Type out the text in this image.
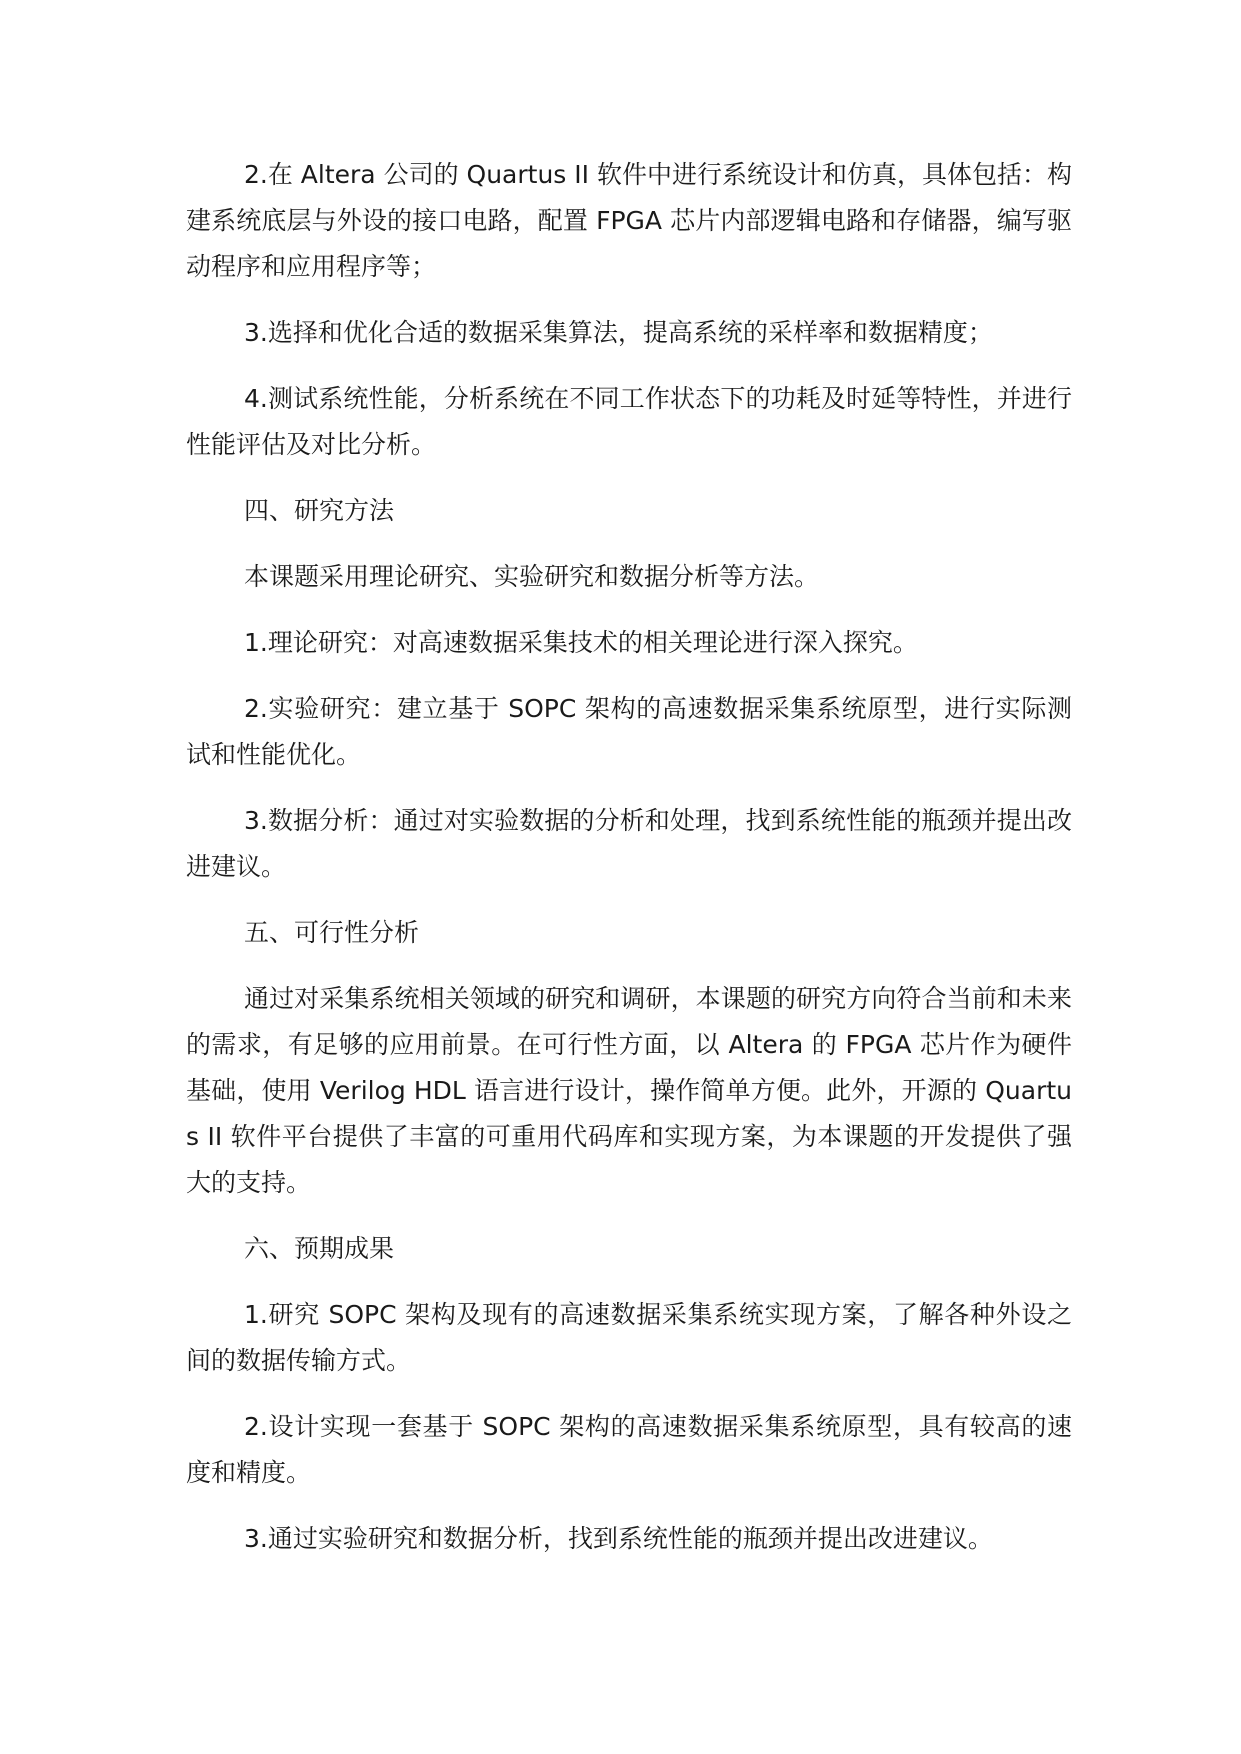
2.在 Altera 公司的 Quartus II 软件中进行系统设计和仿真，具体包括：构建系统底层与外设的接口电路，配置 FPGA 芯片内部逻辑电路和存储器，编写驱动程序和应用程序等；

3.选择和优化合适的数据采集算法，提高系统的采样率和数据精度；

4.测试系统性能，分析系统在不同工作状态下的功耗及时延等特性，并进行性能评估及对比分析。

四、研究方法

本课题采用理论研究、实验研究和数据分析等方法。

1.理论研究：对高速数据采集技术的相关理论进行深入探究。

2.实验研究：建立基于 SOPC 架构的高速数据采集系统原型，进行实际测试和性能优化。

3.数据分析：通过对实验数据的分析和处理，找到系统性能的瓶颈并提出改进建议。

五、可行性分析

通过对采集系统相关领域的研究和调研，本课题的研究方向符合当前和未来的需求，有足够的应用前景。在可行性方面，以 Altera 的 FPGA 芯片作为硬件基础，使用 Verilog HDL 语言进行设计，操作简单方便。此外，开源的 Quartus II 软件平台提供了丰富的可重用代码库和实现方案，为本课题的开发提供了强大的支持。

六、预期成果

1.研究 SOPC 架构及现有的高速数据采集系统实现方案，了解各种外设之间的数据传输方式。

2.设计实现一套基于 SOPC 架构的高速数据采集系统原型，具有较高的速度和精度。

3.通过实验研究和数据分析，找到系统性能的瓶颈并提出改进建议。
